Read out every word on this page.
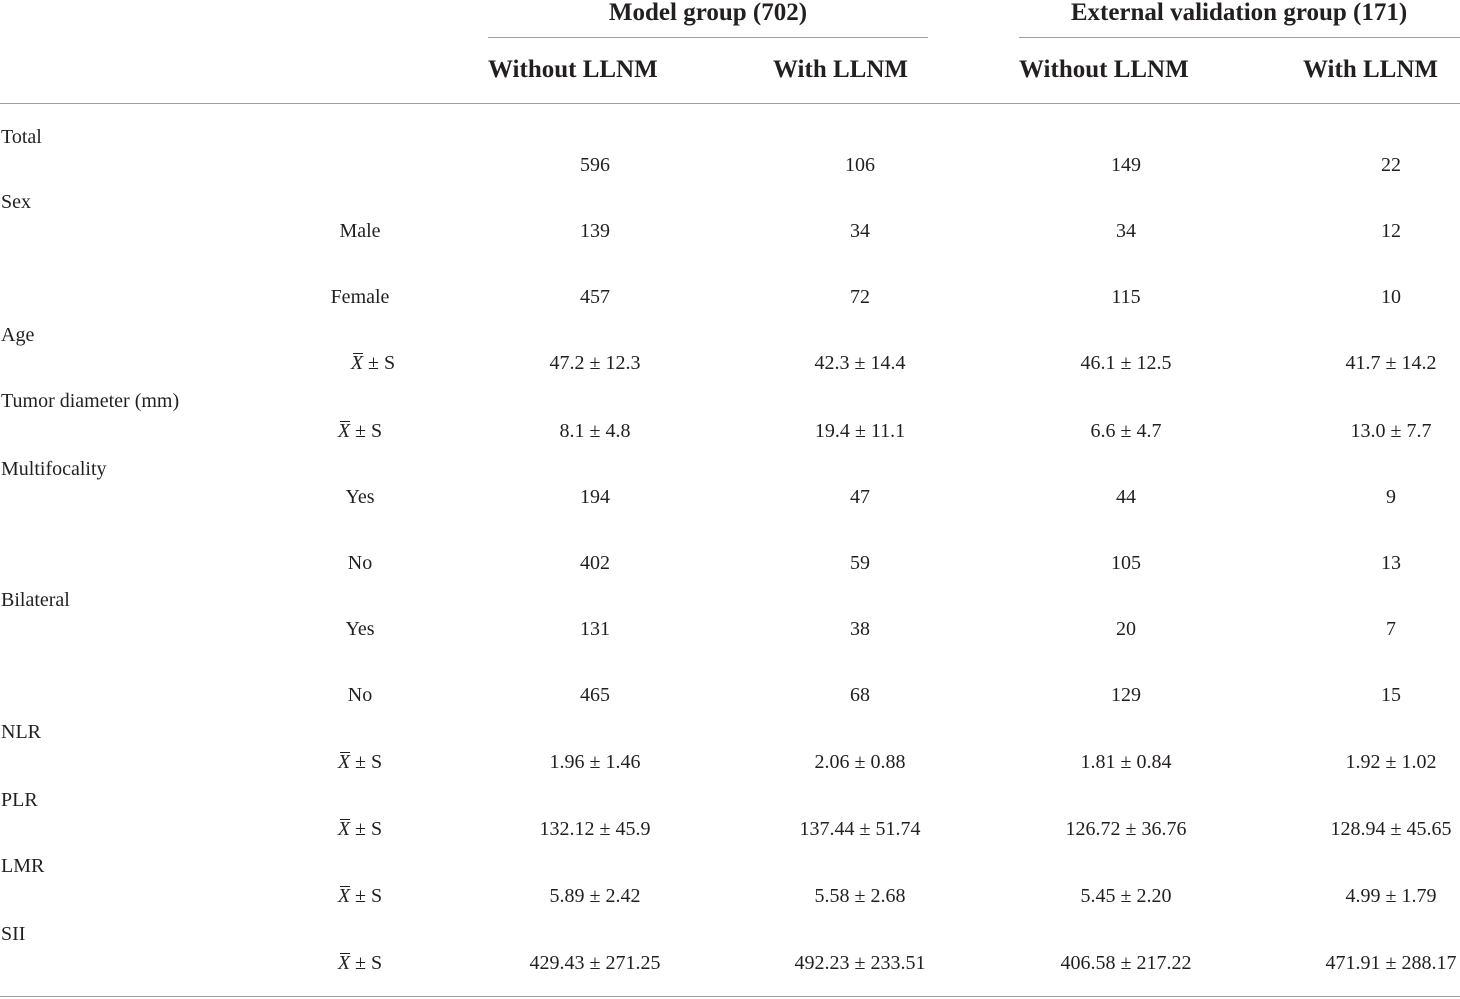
Model group (702)	External validation group (171)
Without LLNM	With LLNM	Without LLNM	With LLNM
Total
596	106	149	22
Sex
Male	139	34	34	12
Female	457	72	115	10
Age
X ± S	47.2 ± 12.3	42.3 ± 14.4	46.1 ± 12.5	41.7 ± 14.2
Tumor diameter (mm)
X ± S	8.1 ± 4.8	19.4 ± 11.1	6.6 ± 4.7	13.0 ± 7.7
Multifocality
Yes	194	47	44	9
No	402	59	105	13
Bilateral
Yes	131	38	20	7
No	465	68	129	15
NLR
X ± S	1.96 ± 1.46	2.06 ± 0.88	1.81 ± 0.84	1.92 ± 1.02
PLR
X ± S	132.12 ± 45.9	137.44 ± 51.74	126.72 ± 36.76	128.94 ± 45.65
LMR
X ± S	5.89 ± 2.42	5.58 ± 2.68	5.45 ± 2.20	4.99 ± 1.79
SII
X ± S	429.43 ± 271.25	492.23 ± 233.51	406.58 ± 217.22	471.91 ± 288.17
